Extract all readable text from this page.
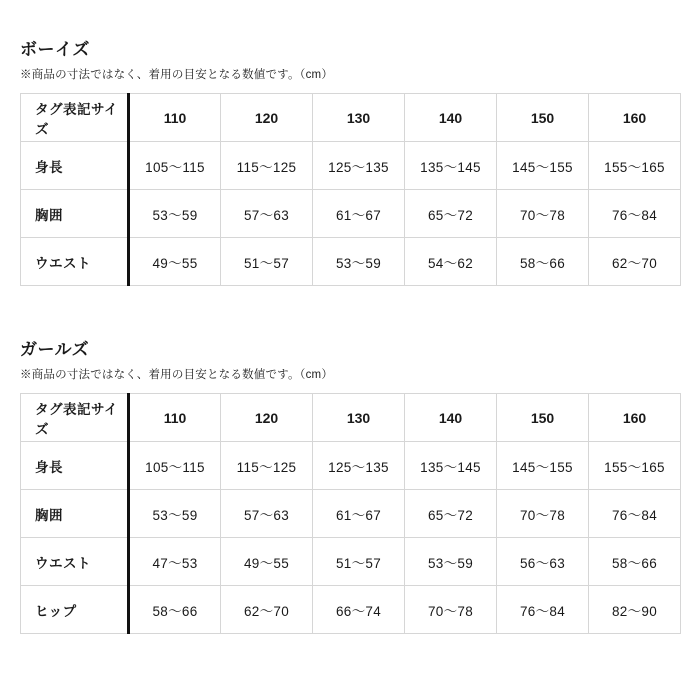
ボーイズ

※商品の寸法ではなく、着用の目安となる数値です。（cm）

タグ表記サイズ	110	120	130	140	150	160
身長	105〜115	115〜125	125〜135	135〜145	145〜155	155〜165
胸囲	53〜59	57〜63	61〜67	65〜72	70〜78	76〜84
ウエスト	49〜55	51〜57	53〜59	54〜62	58〜66	62〜70
ガールズ

※商品の寸法ではなく、着用の目安となる数値です。（cm）

タグ表記サイズ	110	120	130	140	150	160
身長	105〜115	115〜125	125〜135	135〜145	145〜155	155〜165
胸囲	53〜59	57〜63	61〜67	65〜72	70〜78	76〜84
ウエスト	47〜53	49〜55	51〜57	53〜59	56〜63	58〜66
ヒップ	58〜66	62〜70	66〜74	70〜78	76〜84	82〜90
